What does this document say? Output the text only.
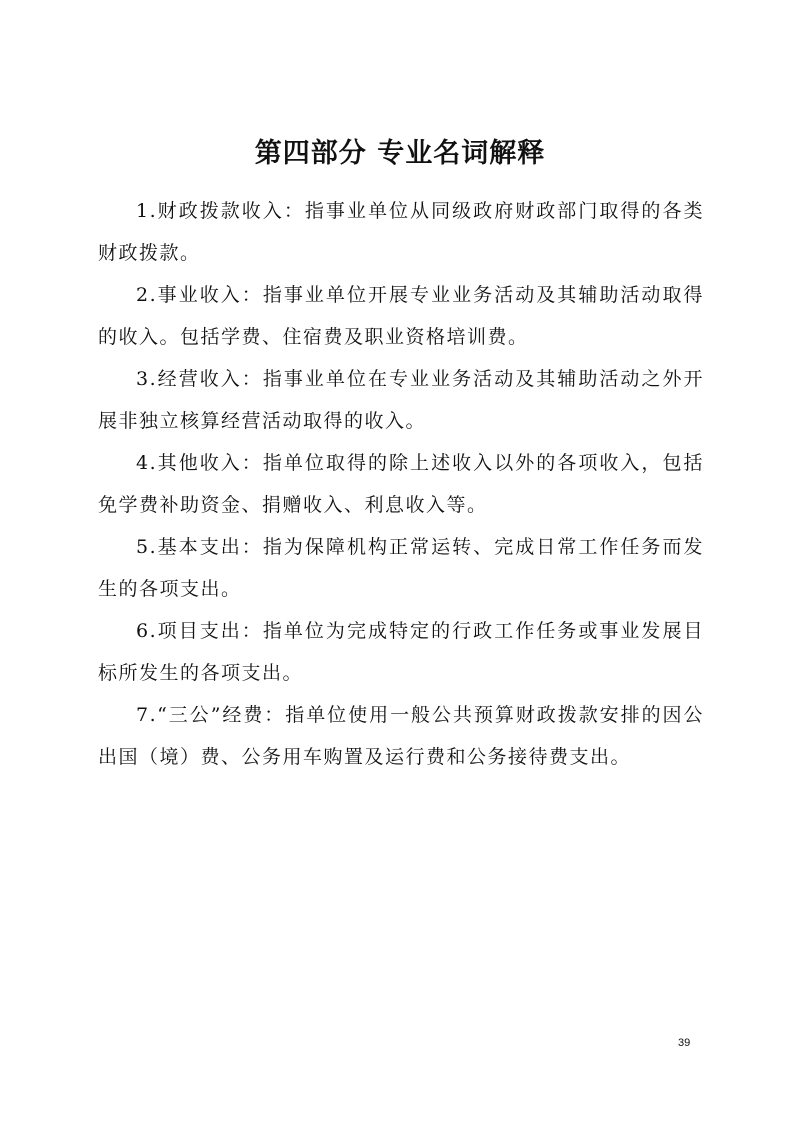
第四部分 专业名词解释

1.财政拨款收入：指事业单位从同级政府财政部门取得的各类财政拨款。

2.事业收入：指事业单位开展专业业务活动及其辅助活动取得的收入。包括学费、住宿费及职业资格培训费。

3.经营收入：指事业单位在专业业务活动及其辅助活动之外开展非独立核算经营活动取得的收入。

4.其他收入：指单位取得的除上述收入以外的各项收入，包括免学费补助资金、捐赠收入、利息收入等。

5.基本支出：指为保障机构正常运转、完成日常工作任务而发生的各项支出。

6.项目支出：指单位为完成特定的行政工作任务或事业发展目标所发生的各项支出。

7.“三公”经费：指单位使用一般公共预算财政拨款安排的因公出国（境）费、公务用车购置及运行费和公务接待费支出。

39
